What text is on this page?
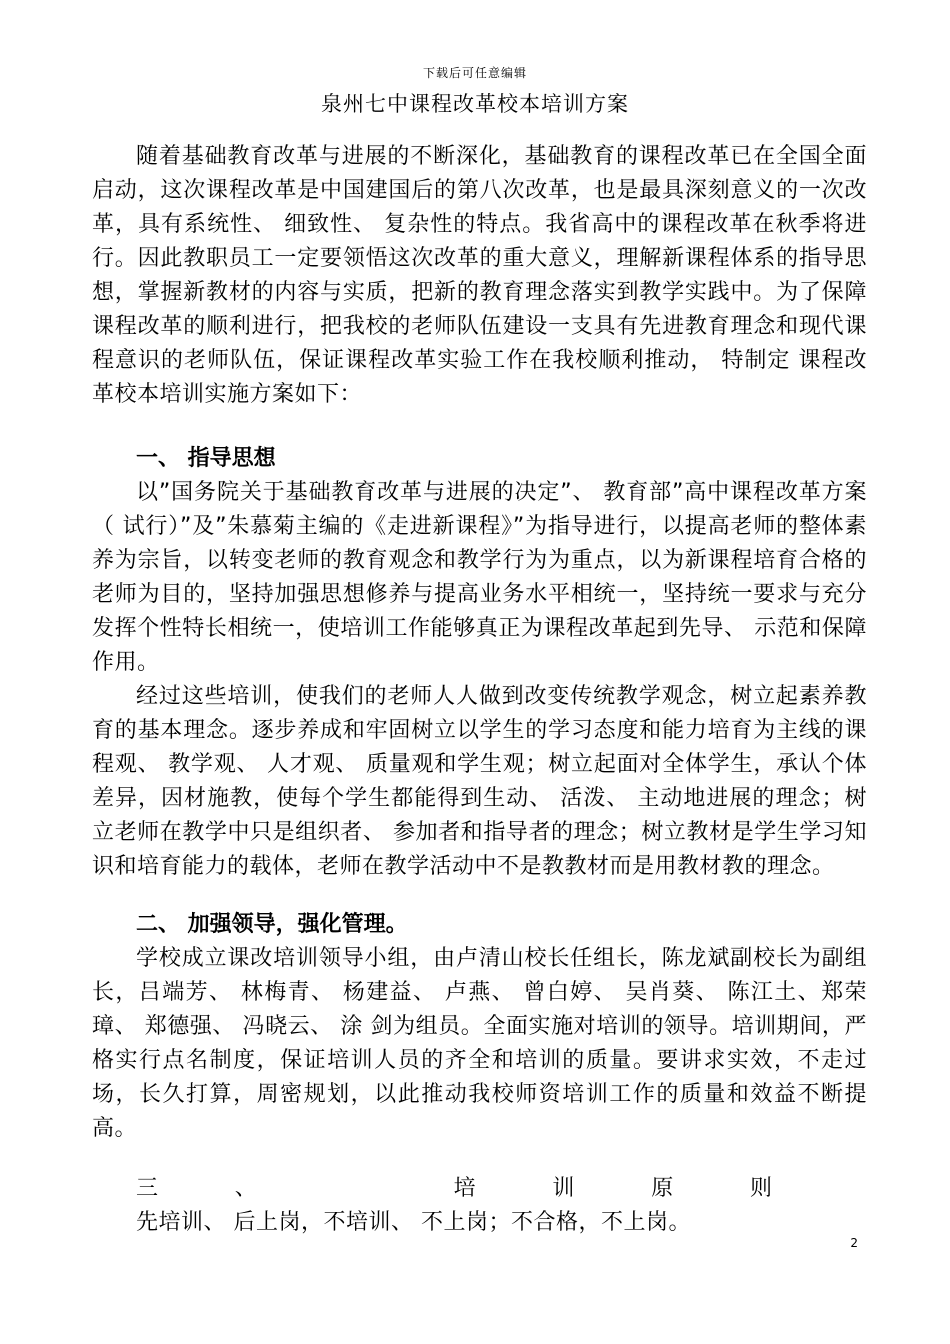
下载后可任意编辑
泉州七中课程改革校本培训方案

随着基础教育改革与进展的不断深化，基础教育的课程改革已在全国全面启动，这次课程改革是中国建国后的第八次改革，也是最具深刻意义的一次改革，具有系统性、 细致性、 复杂性的特点。我省高中的课程改革在秋季将进行。因此教职员工一定要领悟这次改革的重大意义，理解新课程体系的指导思想，掌握新教材的内容与实质，把新的教育理念落实到教学实践中。为了保障课程改革的顺利进行，把我校的老师队伍建设一支具有先进教育理念和现代课程意识的老师队伍，保证课程改革实验工作在我校顺利推动， 特制定 课程改革校本培训实施方案如下：

一、 指导思想

以”国务院关于基础教育改革与进展的决定”、 教育部”高中课程改革方案（ 试行）”及”朱慕菊主编的《走进新课程》”为指导进行，以提高老师的整体素养为宗旨，以转变老师的教育观念和教学行为为重点，以为新课程培育合格的老师为目的，坚持加强思想修养与提高业务水平相统一，坚持统一要求与充分发挥个性特长相统一，使培训工作能够真正为课程改革起到先导、 示范和保障作用。

经过这些培训，使我们的老师人人做到改变传统教学观念，树立起素养教育的基本理念。逐步养成和牢固树立以学生的学习态度和能力培育为主线的课程观、 教学观、 人才观、 质量观和学生观；树立起面对全体学生，承认个体差异，因材施教，使每个学生都能得到生动、 活泼、 主动地进展的理念；树立老师在教学中只是组织者、 参加者和指导者的理念；树立教材是学生学习知识和培育能力的载体，老师在教学活动中不是教教材而是用教材教的理念。

二、 加强领导，强化管理。

学校成立课改培训领导小组，由卢清山校长任组长，陈龙斌副校长为副组长，吕端芳、 林梅青、 杨建益、 卢燕、 曾白婷、 吴肖葵、 陈江土、郑荣璋、 郑德强、 冯晓云、 涂 剑为组员。全面实施对培训的领导。培训期间，严格实行点名制度，保证培训人员的齐全和培训的质量。要讲求实效，不走过场，长久打算，周密规划，以此推动我校师资培训工作的质量和效益不断提高。

三	、	培	训	原	则

先培训、 后上岗，不培训、 不上岗；不合格，不上岗。

2
